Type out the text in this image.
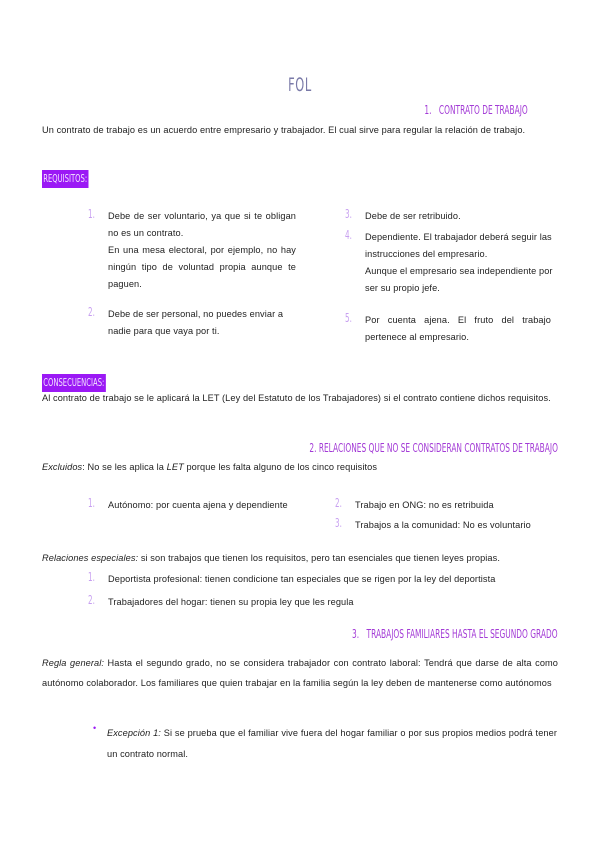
FOL
1. CONTRATO DE TRABAJO
Un contrato de trabajo es un acuerdo entre empresario y trabajador. El cual sirve para regular la relación de trabajo.
REQUISITOS:
1. Debe de ser voluntario, ya que si te obligan no es un contrato.
En una mesa electoral, por ejemplo, no hay ningún tipo de voluntad propia aunque te paguen.
2. Debe de ser personal, no puedes enviar a nadie para que vaya por ti.
3. Debe de ser retribuido.
4. Dependiente. El trabajador deberá seguir las instrucciones del empresario.
Aunque el empresario sea independiente por ser su propio jefe.
5. Por cuenta ajena. El fruto del trabajo pertenece al empresario.
CONSECUENCIAS:
Al contrato de trabajo se le aplicará la LET (Ley del Estatuto de los Trabajadores) si el contrato contiene dichos requisitos.
2. RELACIONES QUE NO SE CONSIDERAN CONTRATOS DE TRABAJO
Excluidos: No se les aplica la LET porque les falta alguno de los cinco requisitos
1. Autónomo: por cuenta ajena y dependiente	2. Trabajo en ONG: no es retribuida
3. Trabajos a la comunidad: No es voluntario
Relaciones especiales: si son trabajos que tienen los requisitos, pero tan esenciales que tienen leyes propias.
1. Deportista profesional: tienen condicione tan especiales que se rigen por la ley del deportista
2. Trabajadores del hogar: tienen su propia ley que les regula
3. TRABAJOS FAMILIARES HASTA EL SEGUNDO GRADO
Regla general: Hasta el segundo grado, no se considera trabajador con contrato laboral: Tendrá que darse de alta como autónomo colaborador. Los familiares que quien trabajar en la familia según la ley deben de mantenerse como autónomos
• Excepción 1: Si se prueba que el familiar vive fuera del hogar familiar o por sus propios medios podrá tener un contrato normal.
